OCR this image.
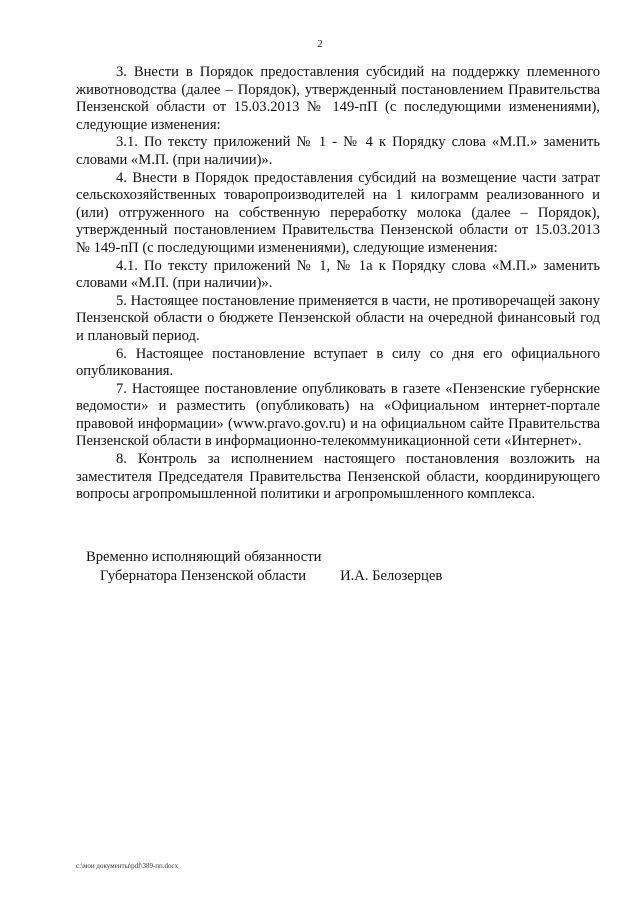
2

3. Внести в Порядок предоставления субсидий на поддержку племенного животноводства (далее – Порядок), утвержденный постановлением Правительства Пензенской области от 15.03.2013 № 149-пП (с последующими изменениями), следующие изменения:

3.1. По тексту приложений № 1 - № 4 к Порядку слова «М.П.» заменить словами «М.П. (при наличии)».

4. Внести в Порядок предоставления субсидий на возмещение части затрат сельскохозяйственных товаропроизводителей на 1 килограмм реализованного и (или) отгруженного на собственную переработку молока (далее – Порядок), утвержденный постановлением Правительства Пензенской области от 15.03.2013 № 149-пП (с последующими изменениями), следующие изменения:

4.1. По тексту приложений № 1, № 1а к Порядку слова «М.П.» заменить словами «М.П. (при наличии)».

5. Настоящее постановление применяется в части, не противоречащей закону Пензенской области о бюджете Пензенской области на очередной финансовый год и плановый период.

6. Настоящее постановление вступает в силу со дня его официального опубликования.

7. Настоящее постановление опубликовать в газете «Пензенские губернские ведомости» и разместить (опубликовать) на «Официальном интернет-портале правовой информации» (www.pravo.gov.ru) и на официальном сайте Правительства Пензенской области в информационно-телекоммуникационной сети «Интернет».

8. Контроль за исполнением настоящего постановления возложить на заместителя Председателя Правительства Пензенской области, координирующего вопросы агропромышленной политики и агропромышленного комплекса.

Временно исполняющий обязанности
Губернатора Пензенской области И.А. Белозерцев
c:\мои документы\pdf\389-пп.docx
